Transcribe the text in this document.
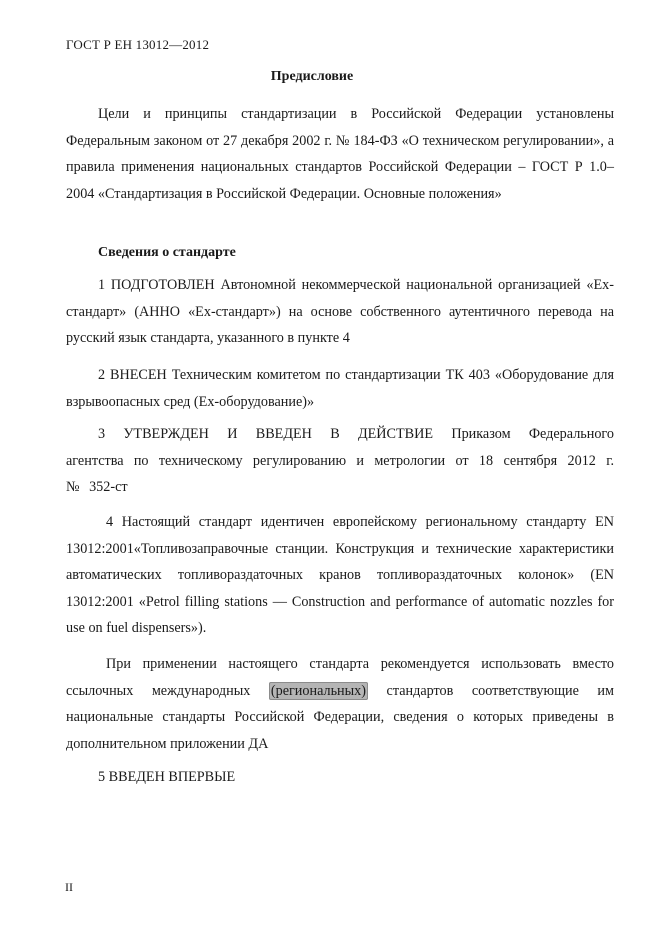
ГОСТ Р ЕН 13012—2012
Предисловие
Цели и принципы стандартизации в Российской Федерации установлены Федеральным законом от 27 декабря 2002 г. № 184-ФЗ «О техническом регулировании», а правила применения национальных стандартов Российской Федерации – ГОСТ Р 1.0–2004 «Стандартизация в Российской Федерации. Основные положения»
Сведения о стандарте
1 ПОДГОТОВЛЕН Автономной некоммерческой национальной организацией «Ех-стандарт» (АННО «Ех-стандарт») на основе собственного аутентичного перевода на русский язык стандарта, указанного в пункте 4
2 ВНЕСЕН Техническим комитетом по стандартизации ТК 403 «Оборудование для взрывоопасных сред (Ех-оборудование)»
3 УТВЕРЖДЕН И ВВЕДЕН В ДЕЙСТВИЕ Приказом Федерального агентства по техническому регулированию и метрологии от 18 сентября 2012 г. № 352-ст
4 Настоящий стандарт идентичен европейскому региональному стандарту EN 13012:2001«Топливозаправочные станции. Конструкция и технические характеристики автоматических топливораздаточных кранов топливораздаточных колонок» (EN 13012:2001 «Petrol filling stations — Construction and performance of automatic nozzles for use on fuel dispensers»).
При применении настоящего стандарта рекомендуется использовать вместо ссылочных международных (региональных) стандартов соответствующие им национальные стандарты Российской Федерации, сведения о которых приведены в дополнительном приложении ДА
5 ВВЕДЕН ВПЕРВЫЕ
II
